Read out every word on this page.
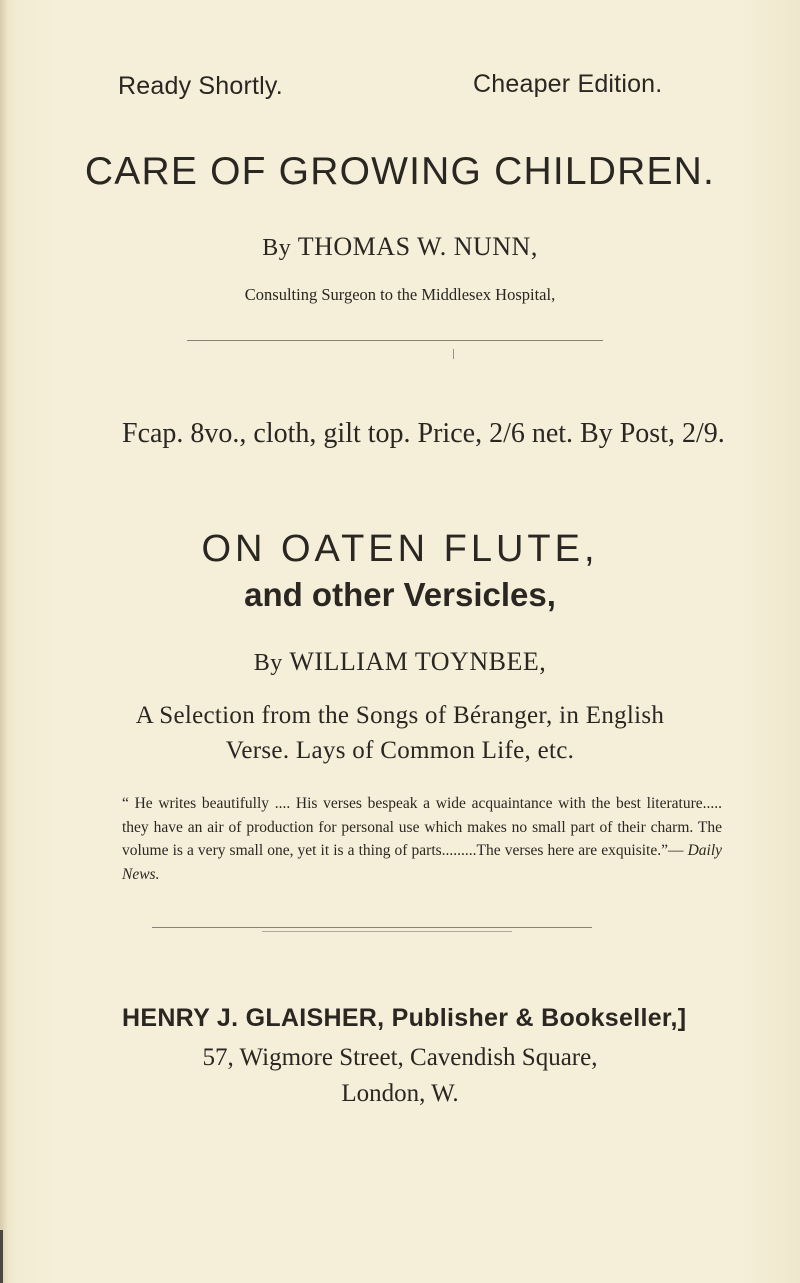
Ready Shortly.	Cheaper Edition.
CARE OF GROWING CHILDREN.
By THOMAS W. NUNN,
Consulting Surgeon to the Middlesex Hospital,
Fcap. 8vo., cloth, gilt top. Price, 2/6 net. By Post, 2/9.
ON OATEN FLUTE,
and other Versicles,
By WILLIAM TOYNBEE,
A Selection from the Songs of Béranger, in English
Verse. Lays of Common Life, etc.
“ He writes beautifully .... His verses bespeak a wide acquaintance with the best literature..... they have an air of production for personal use which makes no small part of their charm. The volume is a very small one, yet it is a thing of parts.........The verses here are exquisite.”— Daily News.
HENRY J. GLAISHER, Publisher & Bookseller,]
57, Wigmore Street, Cavendish Square,
London, W.
